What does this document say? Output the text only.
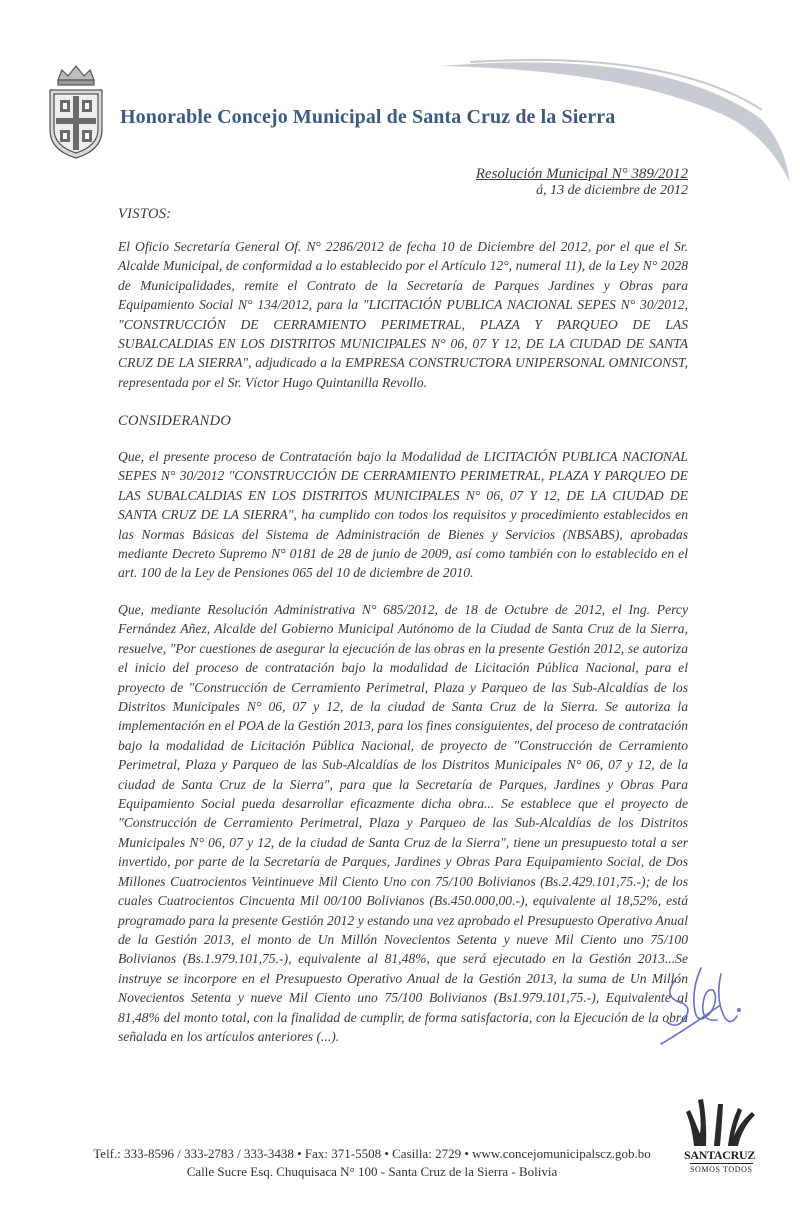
Honorable Concejo Municipal de Santa Cruz de la Sierra
Resolución Municipal N° 389/2012
á, 13 de diciembre de 2012
VISTOS:

El Oficio Secretaría General Of. N° 2286/2012 de fecha 10 de Diciembre del 2012, por el que el Sr. Alcalde Municipal, de conformidad a lo establecido por el Artículo 12°, numeral 11), de la Ley N° 2028 de Municipalidades, remite el Contrato de la Secretaría de Parques Jardines y Obras para Equipamiento Social N° 134/2012, para la "LICITACIÓN PUBLICA NACIONAL SEPES N° 30/2012, "CONSTRUCCIÓN DE CERRAMIENTO PERIMETRAL, PLAZA Y PARQUEO DE LAS SUBALCALDIAS EN LOS DISTRITOS MUNICIPALES N° 06, 07 Y 12, DE LA CIUDAD DE SANTA CRUZ DE LA SIERRA", adjudicado a la EMPRESA CONSTRUCTORA UNIPERSONAL OMNICONST, representada por el Sr. Víctor Hugo Quintanilla Revollo.

CONSIDERANDO

Que, el presente proceso de Contratación bajo la Modalidad de LICITACIÓN PUBLICA NACIONAL SEPES N° 30/2012 "CONSTRUCCIÓN DE CERRAMIENTO PERIMETRAL, PLAZA Y PARQUEO DE LAS SUBALCALDIAS EN LOS DISTRITOS MUNICIPALES N° 06, 07 Y 12, DE LA CIUDAD DE SANTA CRUZ DE LA SIERRA", ha cumplido con todos los requisitos y procedimiento establecidos en las Normas Básicas del Sistema de Administración de Bienes y Servicios (NBSABS), aprobadas mediante Decreto Supremo N° 0181 de 28 de junio de 2009, así como también con lo establecido en el art. 100 de la Ley de Pensiones 065 del 10 de diciembre de 2010.

Que, mediante Resolución Administrativa N° 685/2012, de 18 de Octubre de 2012, el Ing. Percy Fernández Añez, Alcalde del Gobierno Municipal Autónomo de la Ciudad de Santa Cruz de la Sierra, resuelve, "Por cuestiones de asegurar la ejecución de las obras en la presente Gestión 2012, se autoriza el inicio del proceso de contratación bajo la modalidad de Licitación Pública Nacional, para el proyecto de "Construcción de Cerramiento Perimetral, Plaza y Parqueo de las Sub-Alcaldías de los Distritos Municipales N° 06, 07 y 12, de la ciudad de Santa Cruz de la Sierra. Se autoriza la implementación en el POA de la Gestión 2013, para los fines consiguientes, del proceso de contratación bajo la modalidad de Licitación Pública Nacional, de proyecto de "Construcción de Cerramiento Perimetral, Plaza y Parqueo de las Sub-Alcaldías de los Distritos Municipales N° 06, 07 y 12, de la ciudad de Santa Cruz de la Sierra", para que la Secretaría de Parques, Jardines y Obras Para Equipamiento Social pueda desarrollar eficazmente dicha obra... Se establece que el proyecto de "Construcción de Cerramiento Perimetral, Plaza y Parqueo de las Sub-Alcaldías de los Distritos Municipales N° 06, 07 y 12, de la ciudad de Santa Cruz de la Sierra", tiene un presupuesto total a ser invertido, por parte de la Secretaría de Parques, Jardines y Obras Para Equipamiento Social, de Dos Millones Cuatrocientos Veintinueve Mil Ciento Uno con 75/100 Bolivianos (Bs.2.429.101,75.-); de los cuales Cuatrocientos Cincuenta Mil 00/100 Bolivianos (Bs.450.000,00.-), equivalente al 18,52%, está programado para la presente Gestión 2012 y estando una vez aprobado el Presupuesto Operativo Anual de la Gestión 2013, el monto de Un Millón Novecientos Setenta y nueve Mil Ciento uno 75/100 Bolivianos (Bs.1.979.101,75.-), equivalente al 81,48%, que será ejecutado en la Gestión 2013...Se instruye se incorpore en el Presupuesto Operativo Anual de la Gestión 2013, la suma de Un Millón Novecientos Setenta y nueve Mil Ciento uno 75/100 Bolivianos (Bs1.979.101,75.-), Equivalente al 81,48% del monto total, con la finalidad de cumplir, de forma satisfactoria, con la Ejecución de la obra señalada en los artículos anteriores (...).

Telf.: 333-8596 / 333-2783 / 333-3438 • Fax: 371-5508 • Casilla: 2729 • www.concejomunicipalscz.gob.bo
Calle Sucre Esq. Chuquisaca N° 100 - Santa Cruz de la Sierra - Bolivia
SANTACRUZ
SOMOS TODOS
